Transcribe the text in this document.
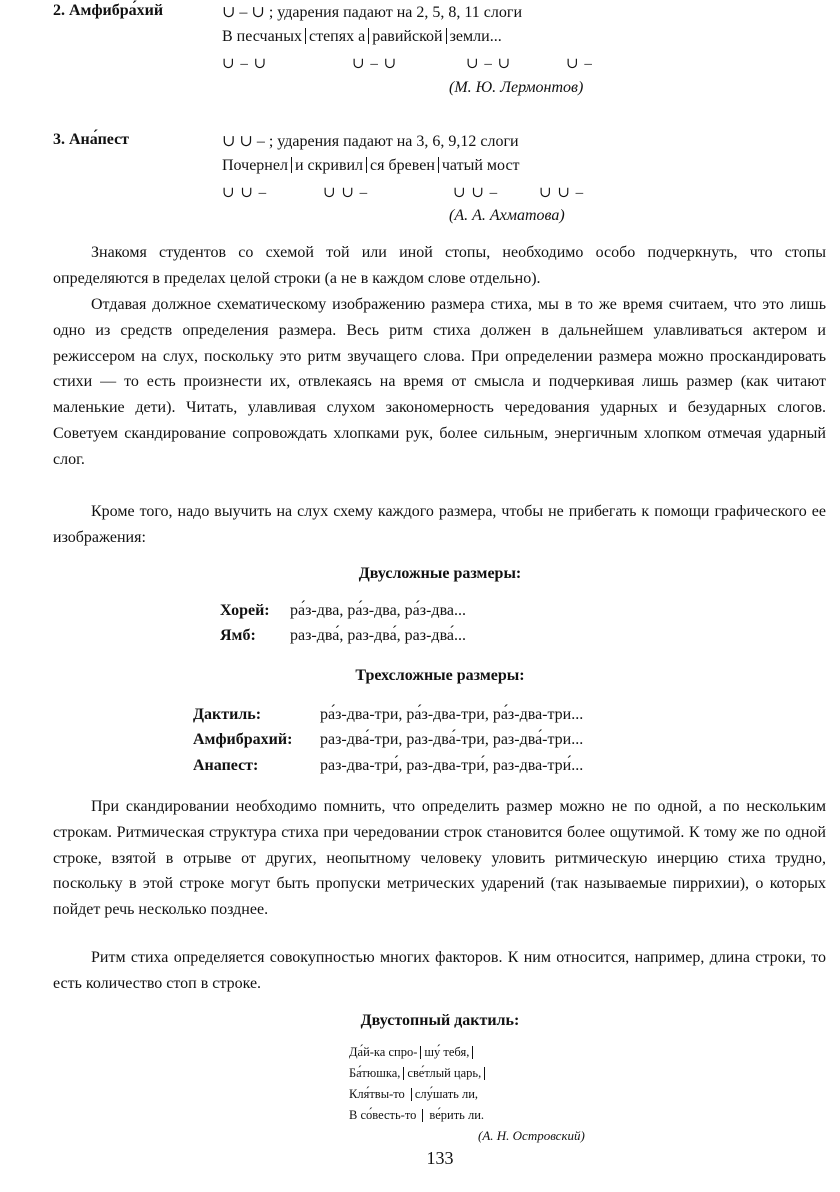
2. Амфибра́хий	∪ – ∪ ; ударения падают на 2, 5, 8, 11 слоги
В песчаных степях а равийской земли...
∪ – ∪	∪ – ∪	∪ – ∪	∪ –
(М. Ю. Лермонтов)
3. Ана́пест	∪ ∪ – ; ударения падают на 3, 6, 9,12 слоги
Почернел и скривил ся бревен чатый мост
∪ ∪ –	∪ ∪ –	∪ ∪ –	∪ ∪ –
(А. А. Ахматова)

Знакомя студентов со схемой той или иной стопы, необходимо особо подчеркнуть, что стопы определяются в пределах целой строки (а не в каждом слове отдельно).

Отдавая должное схематическому изображению размера стиха, мы в то же время считаем, что это лишь одно из средств определения размера. Весь ритм стиха должен в дальнейшем улавливаться актером и режиссером на слух, поскольку это ритм звучащего слова. При определении размера можно проскандировать стихи — то есть произнести их, отвлекаясь на время от смысла и подчеркивая лишь размер (как читают маленькие дети). Читать, улавливая слухом закономерность чередования ударных и безударных слогов. Советуем скандирование сопровождать хлопками рук, более сильным, энергичным хлопком отмечая ударный слог.

Кроме того, надо выучить на слух схему каждого размера, чтобы не прибегать к помощи графического ее изображения:

Двусложные размеры:
Хорей: ра́з-два, ра́з-два, ра́з-два...
Ямб: раз-два́, раз-два́, раз-два́...
Трехсложные размеры:
Дактиль:	ра́з-два-три, ра́з-два-три, ра́з-два-три...
Амфибрахий: раз-два́-три, раз-два́-три, раз-два́-три...
Анапест:	раз-два-три́, раз-два-три́, раз-два-три́...

При скандировании необходимо помнить, что определить размер можно не по одной, а по нескольким строкам. Ритмическая структура стиха при чередовании строк становится более ощутимой. К тому же по одной строке, взятой в отрыве от других, неопытному человеку уловить ритмическую инерцию стиха трудно, поскольку в этой строке могут быть пропуски метрических ударений (так называемые пиррихии), о которых пойдет речь несколько позднее.

Ритм стиха определяется совокупностью многих факторов. К ним относится, например, длина строки, то есть количество стоп в строке.

Двустопный дактиль:
Да́й-ка спро- шу́ тебя,
Ба́тюшка, све́тлый царь,
Кля́твы-то слу́шать ли,
В со́весть-то ве́рить ли.
(А. Н. Островский)
133
